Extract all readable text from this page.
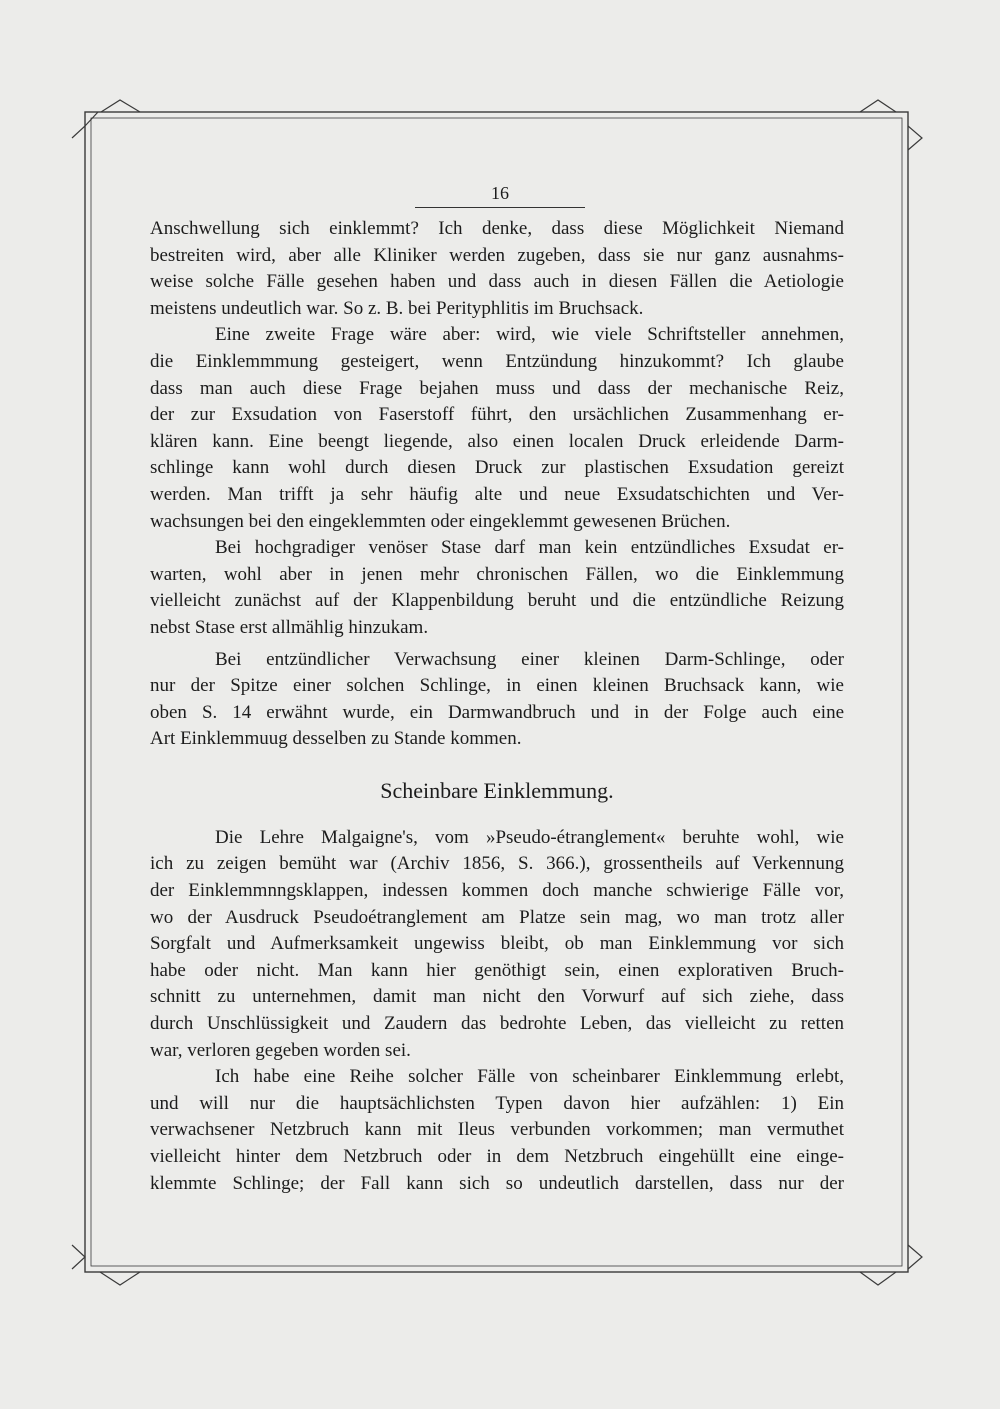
16
Anschwellung sich einklemmt? Ich denke, dass diese Möglichkeit Niemand
bestreiten wird, aber alle Kliniker werden zugeben, dass sie nur ganz ausnahms-
weise solche Fälle gesehen haben und dass auch in diesen Fällen die Aetiologie
meistens undeutlich war. So z. B. bei Perityphlitis im Bruchsack.
Eine zweite Frage wäre aber: wird, wie viele Schriftsteller annehmen,
die Einklemmmung gesteigert, wenn Entzündung hinzukommt? Ich glaube
dass man auch diese Frage bejahen muss und dass der mechanische Reiz,
der zur Exsudation von Faserstoff führt, den ursächlichen Zusammenhang er-
klären kann. Eine beengt liegende, also einen localen Druck erleidende Darm-
schlinge kann wohl durch diesen Druck zur plastischen Exsudation gereizt
werden. Man trifft ja sehr häufig alte und neue Exsudatschichten und Ver-
wachsungen bei den eingeklemmten oder eingeklemmt gewesenen Brüchen.
Bei hochgradiger venöser Stase darf man kein entzündliches Exsudat er-
warten, wohl aber in jenen mehr chronischen Fällen, wo die Einklemmung
vielleicht zunächst auf der Klappenbildung beruht und die entzündliche Reizung
nebst Stase erst allmählig hinzukam.
Bei entzündlicher Verwachsung einer kleinen Darm-Schlinge, oder
nur der Spitze einer solchen Schlinge, in einen kleinen Bruchsack kann, wie
oben S. 14 erwähnt wurde, ein Darmwandbruch und in der Folge auch eine
Art Einklemmuug desselben zu Stande kommen.
Scheinbare Einklemmung.
Die Lehre Malgaigne's, vom »Pseudo-étranglement« beruhte wohl, wie
ich zu zeigen bemüht war (Archiv 1856, S. 366.), grossentheils auf Verkennung
der Einklemmnngsklappen, indessen kommen doch manche schwierige Fälle vor,
wo der Ausdruck Pseudoétranglement am Platze sein mag, wo man trotz aller
Sorgfalt und Aufmerksamkeit ungewiss bleibt, ob man Einklemmung vor sich
habe oder nicht. Man kann hier genöthigt sein, einen explorativen Bruch-
schnitt zu unternehmen, damit man nicht den Vorwurf auf sich ziehe, dass
durch Unschlüssigkeit und Zaudern das bedrohte Leben, das vielleicht zu retten
war, verloren gegeben worden sei.
Ich habe eine Reihe solcher Fälle von scheinbarer Einklemmung erlebt,
und will nur die hauptsächlichsten Typen davon hier aufzählen: 1) Ein
verwachsener Netzbruch kann mit Ileus verbunden vorkommen; man vermuthet
vielleicht hinter dem Netzbruch oder in dem Netzbruch eingehüllt eine einge-
klemmte Schlinge; der Fall kann sich so undeutlich darstellen, dass nur der
